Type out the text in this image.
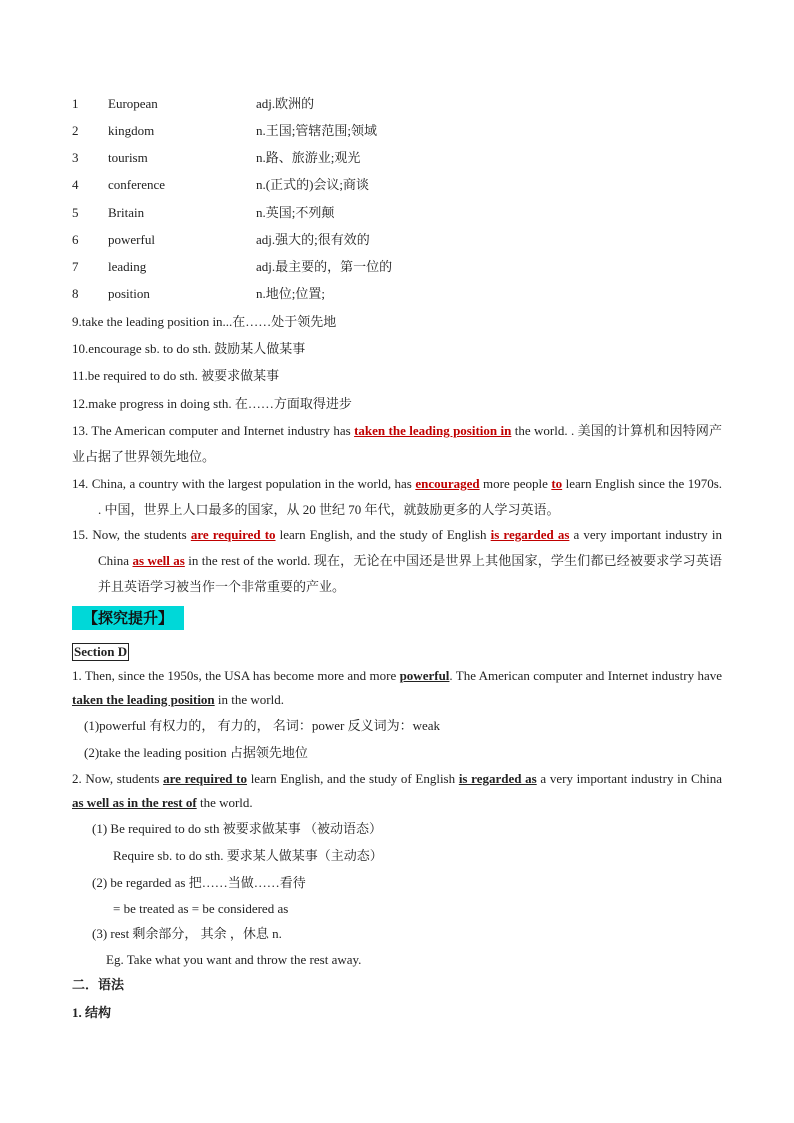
1 European	adj.欧洲的
2 kingdom	n.王国;管辖范围;领域
3 tourism	n.路、旅游业;观光
4 conference	n.(正式的)会议;商谈
5 Britain	n.英国;不列颠
6 powerful	adj.强大的;很有效的
7 leading	adj.最主要的，第一位的
8 position	n.地位;位置;
9.take the leading position in...在……处于领先地
10.encourage sb. to do sth. 鼓励某人做某事
11.be required to do sth. 被要求做某事
12.make progress in doing sth. 在……方面取得进步
13. The American computer and Internet industry has taken the leading position in the world. . 美国的计算机和因特网产业占据了世界领先地位。
14. China, a country with the largest population in the world, has encouraged more people to learn English since the 1970s. . 中国，世界上人口最多的国家，从 20 世纪 70 年代，就鼓励更多的人学习英语。
15. Now, the students are required to learn English, and the study of English is regarded as a very important industry in China as well as in the rest of the world. 现在，无论在中国还是世界上其他国家，学生们都已经被要求学习英语并且英语学习被当作一个非常重要的产业。
【探究提升】
Section D
1. Then, since the 1950s, the USA has become more and more powerful. The American computer and Internet industry have taken the leading position in the world.
(1)powerful 有权力的， 有力的， 名词：power 反义词为：weak
(2)take the leading position 占据领先地位
2. Now, students are required to learn English, and the study of English is regarded as a very important industry in China as well as in the rest of the world.
(1) Be required to do sth 被要求做某事 （被动语态）
Require sb. to do sth. 要求某人做某事（主动态）
(2) be regarded as 把……当做……看待
= be treated as = be considered as
(3) rest 剩余部分， 其余 ，休息 n.
Eg. Take what you want and throw the rest away.
二．语法
1. 结构
